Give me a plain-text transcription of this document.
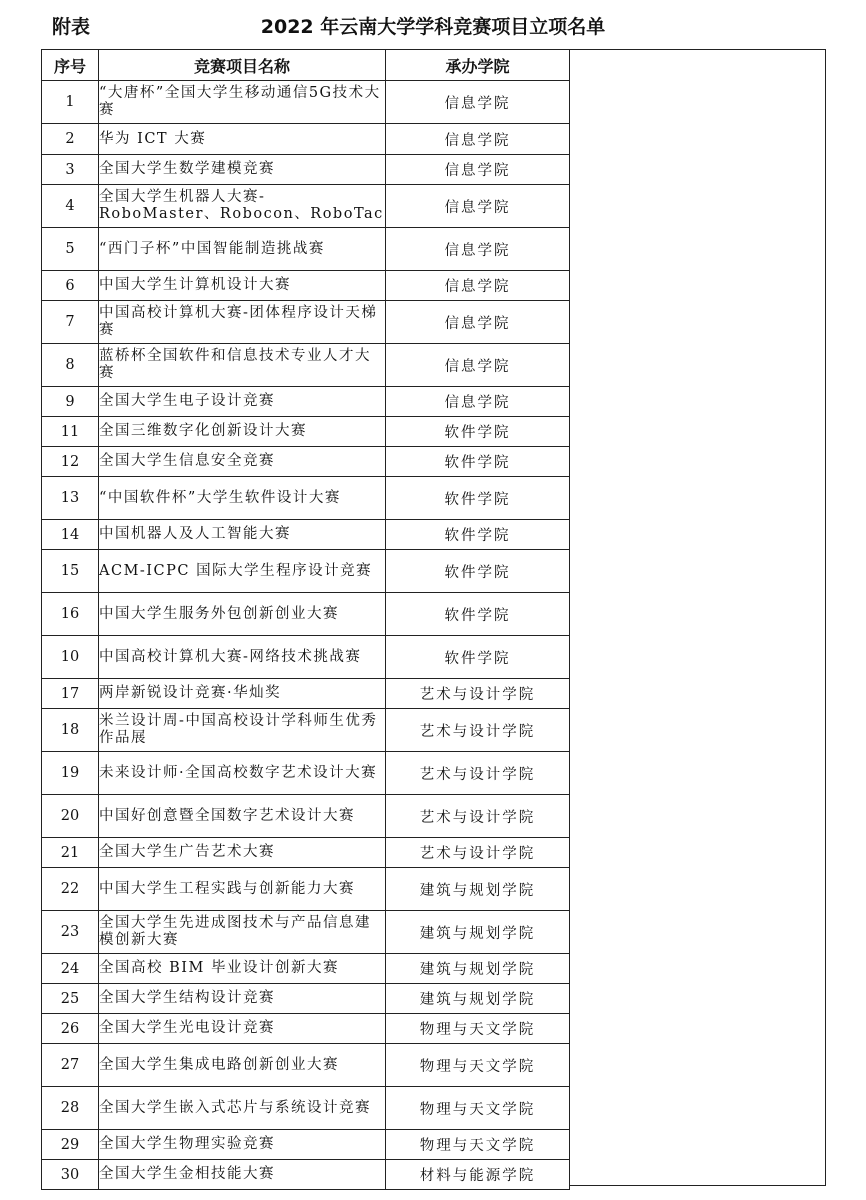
附表	2022 年云南大学学科竞赛项目立项名单
序号	竞赛项目名称	承办学院
1	“大唐杯”全国大学生移动通信5G技术大赛	信息学院
2	华为 ICT 大赛	信息学院
3	全国大学生数学建模竞赛	信息学院
4	全国大学生机器人大赛-RoboMaster、Robocon、RoboTac	信息学院
5	“西门子杯”中国智能制造挑战赛	信息学院
6	中国大学生计算机设计大赛	信息学院
7	中国高校计算机大赛-团体程序设计天梯赛	信息学院
8	蓝桥杯全国软件和信息技术专业人才大赛	信息学院
9	全国大学生电子设计竞赛	信息学院
11	全国三维数字化创新设计大赛	软件学院
12	全国大学生信息安全竞赛	软件学院
13	“中国软件杯”大学生软件设计大赛	软件学院
14	中国机器人及人工智能大赛	软件学院
15	ACM-ICPC 国际大学生程序设计竞赛	软件学院
16	中国大学生服务外包创新创业大赛	软件学院
10	中国高校计算机大赛-网络技术挑战赛	软件学院
17	两岸新锐设计竞赛·华灿奖	艺术与设计学院
18	米兰设计周-中国高校设计学科师生优秀作品展	艺术与设计学院
19	未来设计师·全国高校数字艺术设计大赛	艺术与设计学院
20	中国好创意暨全国数字艺术设计大赛	艺术与设计学院
21	全国大学生广告艺术大赛	艺术与设计学院
22	中国大学生工程实践与创新能力大赛	建筑与规划学院
23	全国大学生先进成图技术与产品信息建模创新大赛	建筑与规划学院
24	全国高校 BIM 毕业设计创新大赛	建筑与规划学院
25	全国大学生结构设计竞赛	建筑与规划学院
26	全国大学生光电设计竞赛	物理与天文学院
27	全国大学生集成电路创新创业大赛	物理与天文学院
28	全国大学生嵌入式芯片与系统设计竞赛	物理与天文学院
29	全国大学生物理实验竞赛	物理与天文学院
30	全国大学生金相技能大赛	材料与能源学院
